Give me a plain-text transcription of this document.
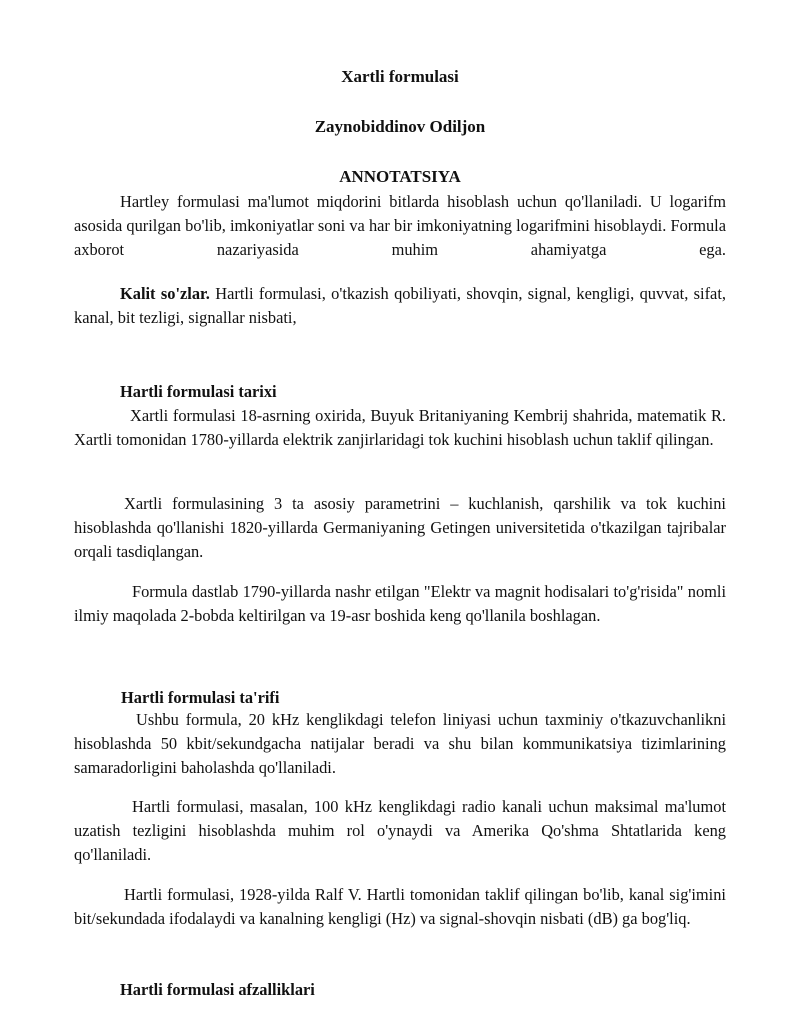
Xartli formulasi
Zaynobiddinov Odiljon
ANNOTATSIYA

Hartley formulasi ma'lumot miqdorini bitlarda hisoblash uchun qo'llaniladi. U logarifm asosida qurilgan bo'lib, imkoniyatlar soni va har bir imkoniyatning logarifmini hisoblaydi. Formula axborot nazariyasida muhim ahamiyatga ega.

Kalit so'zlar. Hartli formulasi, o'tkazish qobiliyati, shovqin, signal, kengligi, quvvat, sifat, kanal, bit tezligi, signallar nisbati,

Hartli formulasi tarixi

Xartli formulasi 18-asrning oxirida, Buyuk Britaniyaning Kembrij shahrida, matematik R. Xartli tomonidan 1780-yillarda elektrik zanjirlaridagi tok kuchini hisoblash uchun taklif qilingan.

Xartli formulasining 3 ta asosiy parametrini – kuchlanish, qarshilik va tok kuchini hisoblashda qo'llanishi 1820-yillarda Germaniyaning Getingen universitetida o'tkazilgan tajribalar orqali tasdiqlangan.

Formula dastlab 1790-yillarda nashr etilgan "Elektr va magnit hodisalari to'g'risida" nomli ilmiy maqolada 2-bobda keltirilgan va 19-asr boshida keng qo'llanila boshlagan.

Hartli formulasi ta'rifi

Ushbu formula, 20 kHz kenglikdagi telefon liniyasi uchun taxminiy o'tkazuvchanlikni hisoblashda 50 kbit/sekundgacha natijalar beradi va shu bilan kommunikatsiya tizimlarining samaradorligini baholashda qo'llaniladi.

Hartli formulasi, masalan, 100 kHz kenglikdagi radio kanali uchun maksimal ma'lumot uzatish tezligini hisoblashda muhim rol o'ynaydi va Amerika Qo'shma Shtatlarida keng qo'llaniladi.

Hartli formulasi, 1928-yilda Ralf V. Hartli tomonidan taklif qilingan bo'lib, kanal sig'imini bit/sekundada ifodalaydi va kanalning kengligi (Hz) va signal-shovqin nisbati (dB) ga bog'liq.

Hartli formulasi afzalliklari
